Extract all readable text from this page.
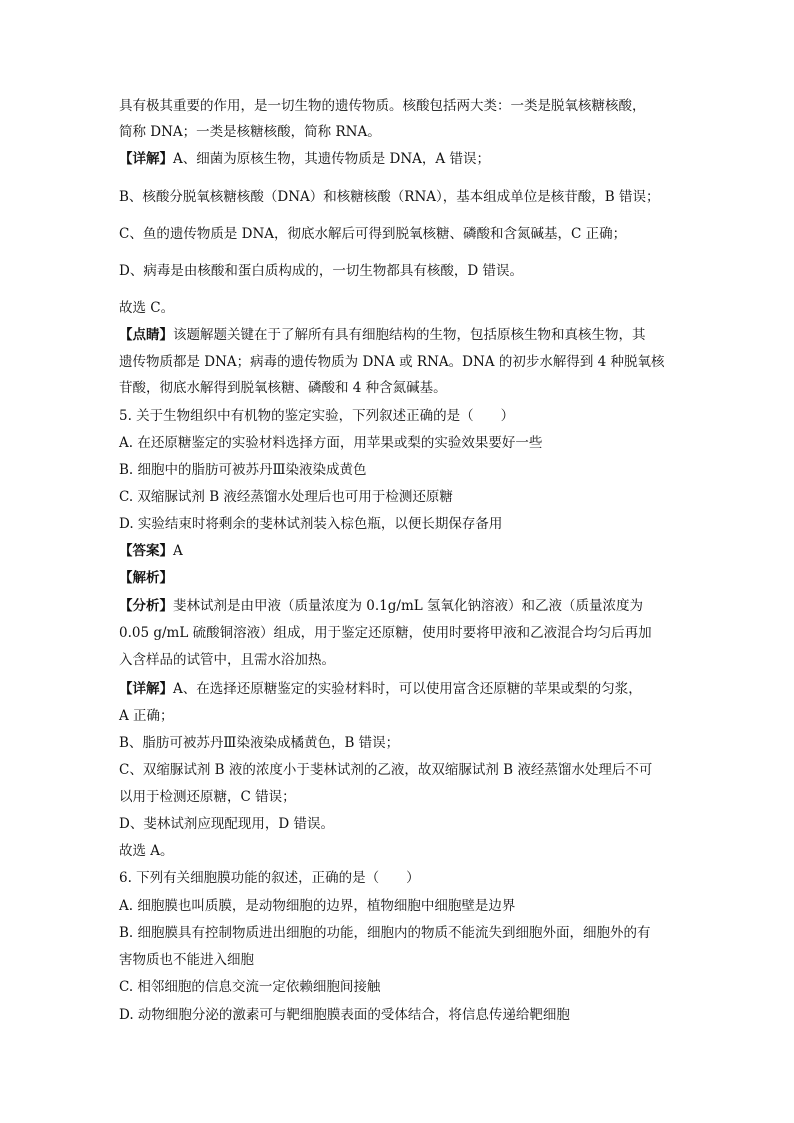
具有极其重要的作用，是一切生物的遗传物质。核酸包括两大类：一类是脱氧核糖核酸，
简称 DNA；一类是核糖核酸，简称 RNA。
【详解】A、细菌为原核生物，其遗传物质是 DNA，A 错误；
B、核酸分脱氧核糖核酸（DNA）和核糖核酸（RNA），基本组成单位是核苷酸，B 错误；
C、鱼的遗传物质是 DNA，彻底水解后可得到脱氧核糖、磷酸和含氮碱基，C 正确；
D、病毒是由核酸和蛋白质构成的，一切生物都具有核酸，D 错误。
故选 C。
【点睛】该题解题关键在于了解所有具有细胞结构的生物，包括原核生物和真核生物，其
遗传物质都是 DNA；病毒的遗传物质为 DNA 或 RNA。DNA 的初步水解得到 4 种脱氧核
苷酸，彻底水解得到脱氧核糖、磷酸和 4 种含氮碱基。
5. 关于生物组织中有机物的鉴定实验，下列叙述正确的是（　　）
A. 在还原糖鉴定的实验材料选择方面，用苹果或梨的实验效果要好一些
B. 细胞中的脂肪可被苏丹Ⅲ染液染成黄色
C. 双缩脲试剂 B 液经蒸馏水处理后也可用于检测还原糖
D. 实验结束时将剩余的斐林试剂装入棕色瓶，以便长期保存备用
【答案】A
【解析】
【分析】斐林试剂是由甲液（质量浓度为 0.1g/mL 氢氧化钠溶液）和乙液（质量浓度为
0.05 g/mL 硫酸铜溶液）组成，用于鉴定还原糖，使用时要将甲液和乙液混合均匀后再加
入含样品的试管中，且需水浴加热。
【详解】A、在选择还原糖鉴定的实验材料时，可以使用富含还原糖的苹果或梨的匀浆，
A 正确；
B、脂肪可被苏丹Ⅲ染液染成橘黄色，B 错误；
C、双缩脲试剂 B 液的浓度小于斐林试剂的乙液，故双缩脲试剂 B 液经蒸馏水处理后不可
以用于检测还原糖，C 错误；
D、斐林试剂应现配现用，D 错误。
故选 A。
6. 下列有关细胞膜功能的叙述，正确的是（　　）
A. 细胞膜也叫质膜，是动物细胞的边界，植物细胞中细胞壁是边界
B. 细胞膜具有控制物质进出细胞的功能，细胞内的物质不能流失到细胞外面，细胞外的有
害物质也不能进入细胞
C. 相邻细胞的信息交流一定依赖细胞间接触
D. 动物细胞分泌的激素可与靶细胞膜表面的受体结合，将信息传递给靶细胞
